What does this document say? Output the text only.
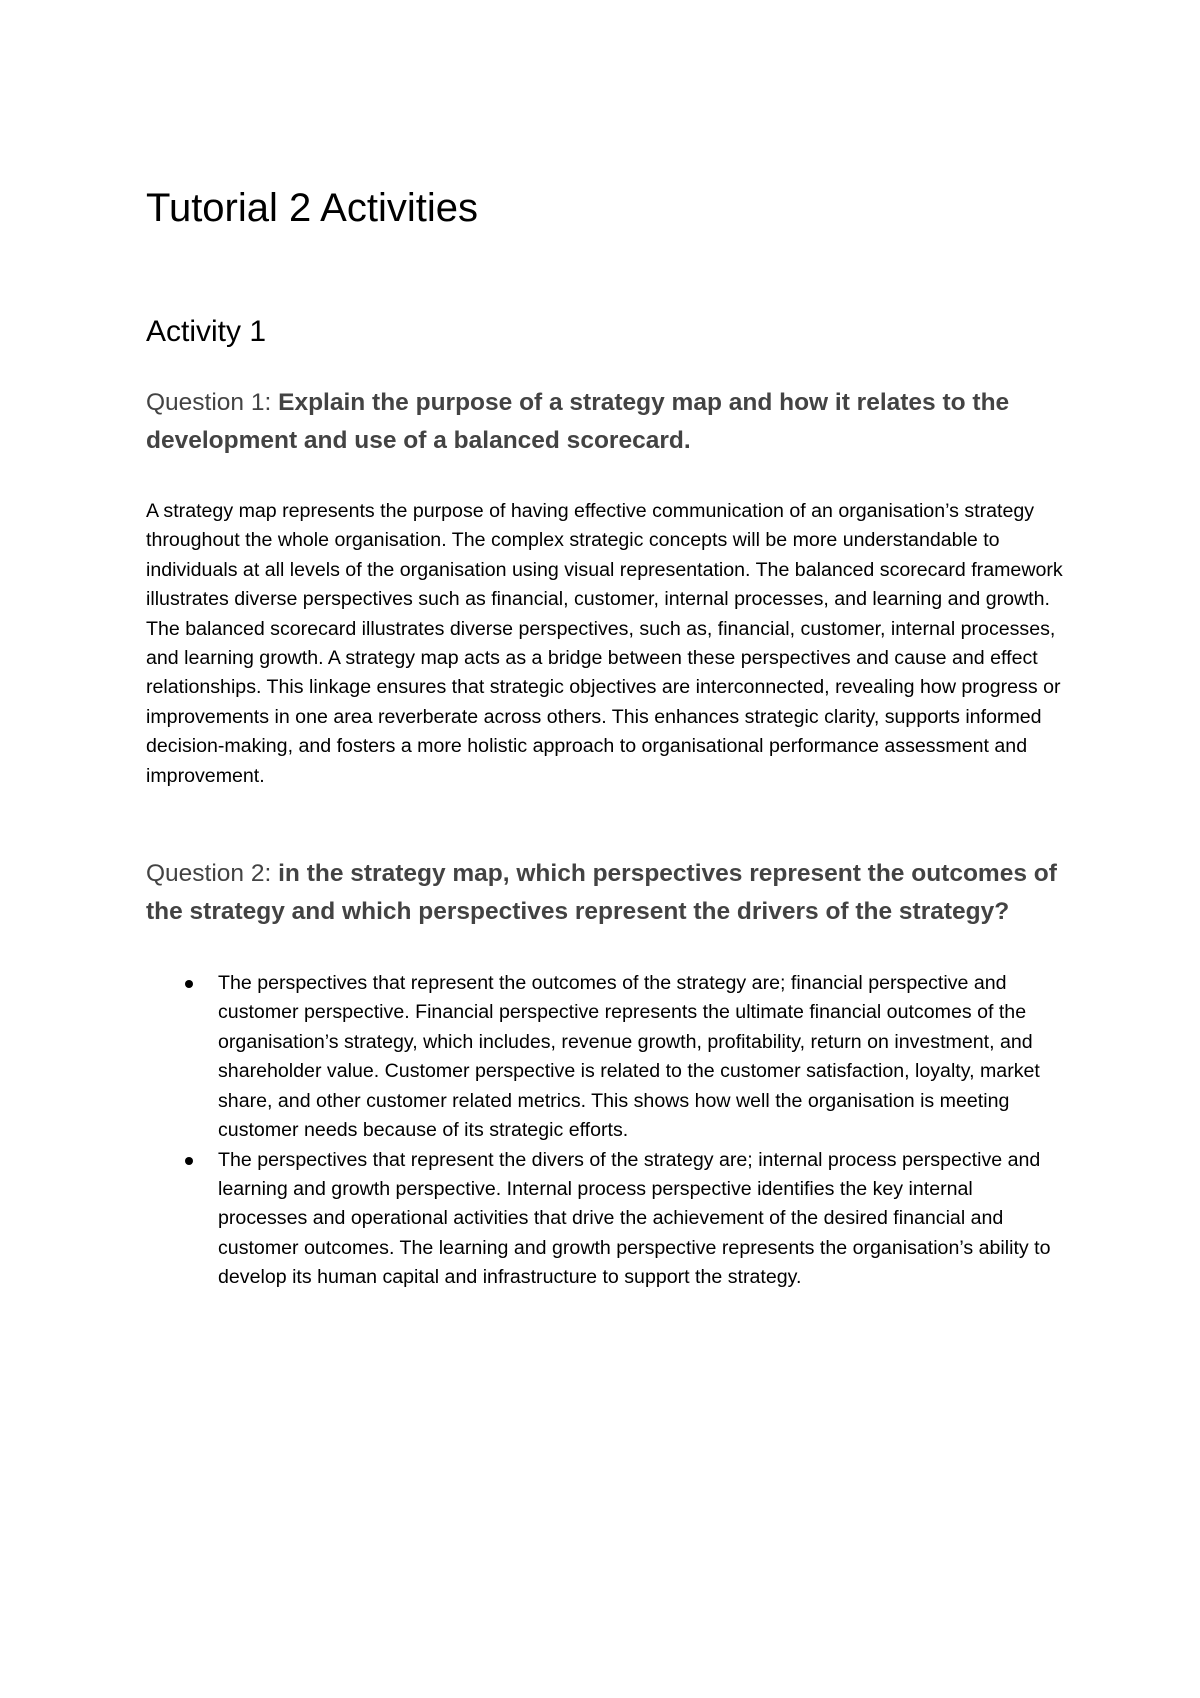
Tutorial 2 Activities
Activity 1
Question 1: Explain the purpose of a strategy map and how it relates to the development and use of a balanced scorecard.

A strategy map represents the purpose of having effective communication of an organisation’s strategy throughout the whole organisation. The complex strategic concepts will be more understandable to individuals at all levels of the organisation using visual representation. The balanced scorecard framework illustrates diverse perspectives such as financial, customer, internal processes, and learning and growth. The balanced scorecard illustrates diverse perspectives, such as, financial, customer, internal processes, and learning growth. A strategy map acts as a bridge between these perspectives and cause and effect relationships. This linkage ensures that strategic objectives are interconnected, revealing how progress or improvements in one area reverberate across others. This enhances strategic clarity, supports informed decision-making, and fosters a more holistic approach to organisational performance assessment and improvement.

Question 2: in the strategy map, which perspectives represent the outcomes of the strategy and which perspectives represent the drivers of the strategy?
The perspectives that represent the outcomes of the strategy are; financial perspective and customer perspective. Financial perspective represents the ultimate financial outcomes of the organisation’s strategy, which includes, revenue growth, profitability, return on investment, and shareholder value. Customer perspective is related to the customer satisfaction, loyalty, market share, and other customer related metrics. This shows how well the organisation is meeting customer needs because of its strategic efforts.
The perspectives that represent the divers of the strategy are; internal process perspective and learning and growth perspective. Internal process perspective identifies the key internal processes and operational activities that drive the achievement of the desired financial and customer outcomes. The learning and growth perspective represents the organisation’s ability to develop its human capital and infrastructure to support the strategy.
